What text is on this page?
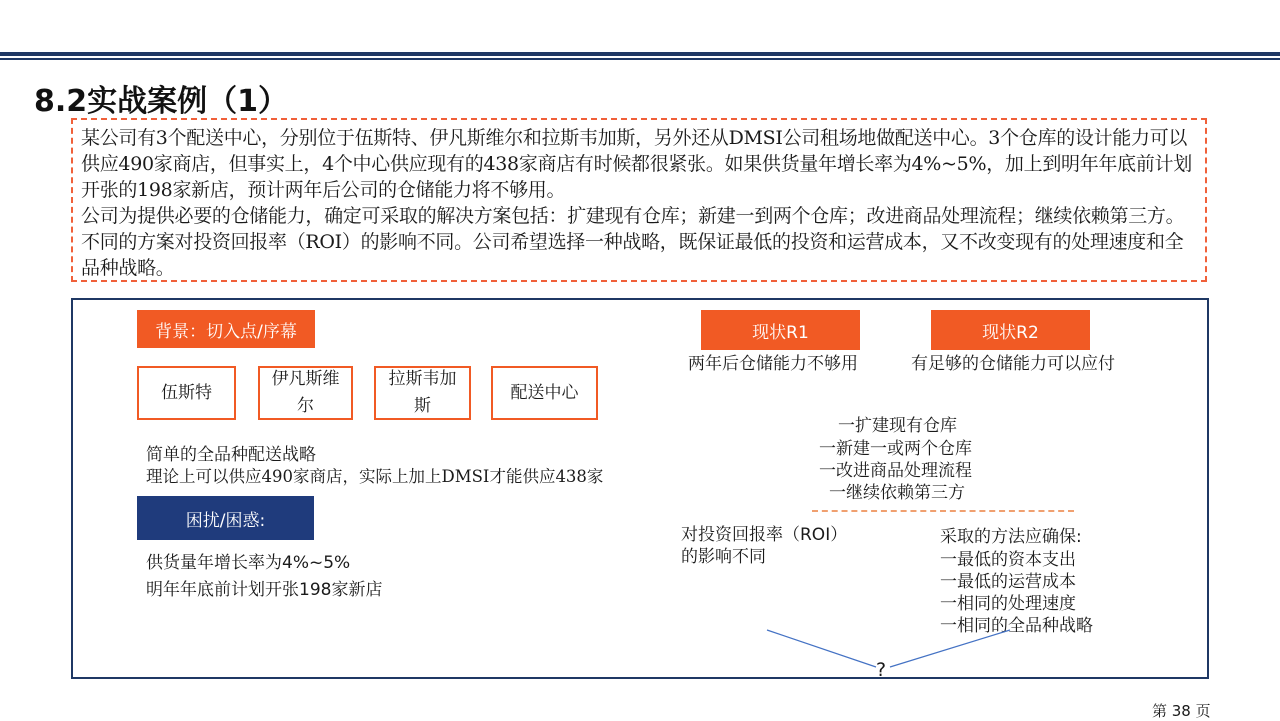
8.2实战案例（1）

某公司有3个配送中心，分别位于伍斯特、伊凡斯维尔和拉斯韦加斯，另外还从DMSI公司租场地做配送中心。3个仓库的设计能力可以供应490家商店，但事实上，4个中心供应现有的438家商店有时候都很紧张。如果供货量年增长率为4%~5%，加上到明年年底前计划开张的198家新店，预计两年后公司的仓储能力将不够用。

公司为提供必要的仓储能力，确定可采取的解决方案包括：扩建现有仓库；新建一到两个仓库；改进商品处理流程；继续依赖第三方。不同的方案对投资回报率（ROI）的影响不同。公司希望选择一种战略，既保证最低的投资和运营成本，又不改变现有的处理速度和全品种战略。

背景：切入点/序幕
伍斯特
伊凡斯维尔
拉斯韦加斯
配送中心
简单的全品种配送战略
理论上可以供应490家商店，实际上加上DMSI才能供应438家
困扰/困惑:
供货量年增长率为4%~5%
明年年底前计划开张198家新店
现状R1	现状R2
两年后仓储能力不够用	有足够的仓储能力可以应付
一扩建现有仓库
一新建一或两个仓库
一改进商品处理流程
一继续依赖第三方
对投资回报率（ROI）
的影响不同
采取的方法应确保:
一最低的资本支出
一最低的运营成本
一相同的处理速度
一相同的全品种战略
?
第 38 页
